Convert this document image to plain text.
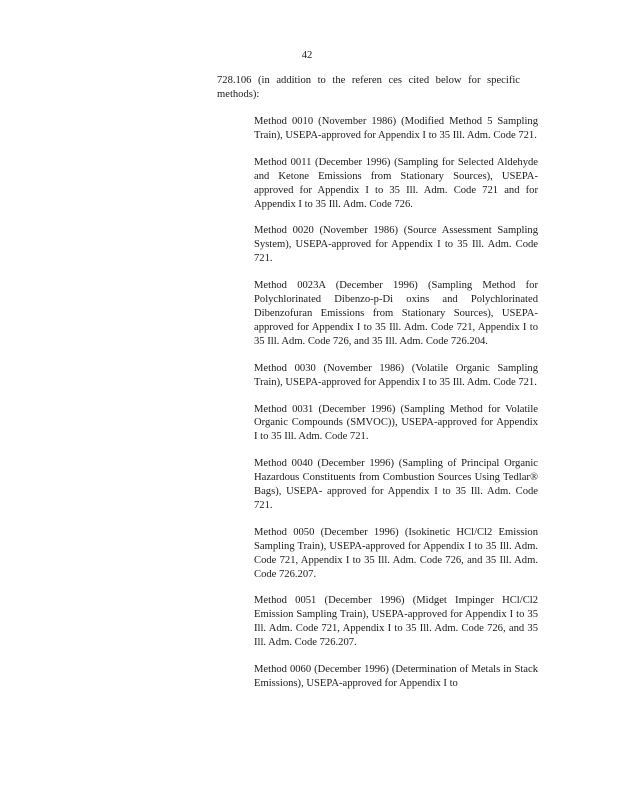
42
728.106 (in addition to the referen ces cited below for specific methods):
Method 0010 (November 1986) (Modified Method 5 Sampling Train), USEPA-approved for Appendix I to 35 Ill. Adm. Code 721.
Method 0011 (December 1996) (Sampling for Selected Aldehyde and Ketone Emissions from Stationary Sources), USEPA-approved for Appendix I to 35 Ill. Adm. Code 721 and for Appendix I to 35 Ill. Adm. Code 726.
Method 0020 (November 1986) (Source Assessment Sampling System), USEPA-approved for Appendix I to 35 Ill. Adm. Code 721.
Method 0023A (December 1996) (Sampling Method for Polychlorinated Dibenzo-p-Di oxins and Polychlorinated Dibenzofuran Emissions from Stationary Sources), USEPA-approved for Appendix I to 35 Ill. Adm. Code 721, Appendix I to 35 Ill. Adm. Code 726, and 35 Ill. Adm. Code 726.204.
Method 0030 (November 1986) (Volatile Organic Sampling Train), USEPA-approved for Appendix I to 35 Ill. Adm. Code 721.
Method 0031 (December 1996) (Sampling Method for Volatile Organic Compounds (SMVOC)), USEPA-approved for Appendix I to 35 Ill. Adm. Code 721.
Method 0040 (December 1996) (Sampling of Principal Organic Hazardous Constituents from Combustion Sources Using Tedlar® Bags), USEPA- approved for Appendix I to 35 Ill. Adm. Code 721.
Method 0050 (December 1996) (Isokinetic HCl/Cl2 Emission Sampling Train), USEPA-approved for Appendix I to 35 Ill. Adm. Code 721, Appendix I to 35 Ill. Adm. Code 726, and 35 Ill. Adm. Code 726.207.
Method 0051 (December 1996) (Midget Impinger HCl/Cl2 Emission Sampling Train), USEPA-approved for Appendix I to 35 Ill. Adm. Code 721, Appendix I to 35 Ill. Adm. Code 726, and 35 Ill. Adm. Code 726.207.
Method 0060 (December 1996) (Determination of Metals in Stack Emissions), USEPA-approved for Appendix I to
